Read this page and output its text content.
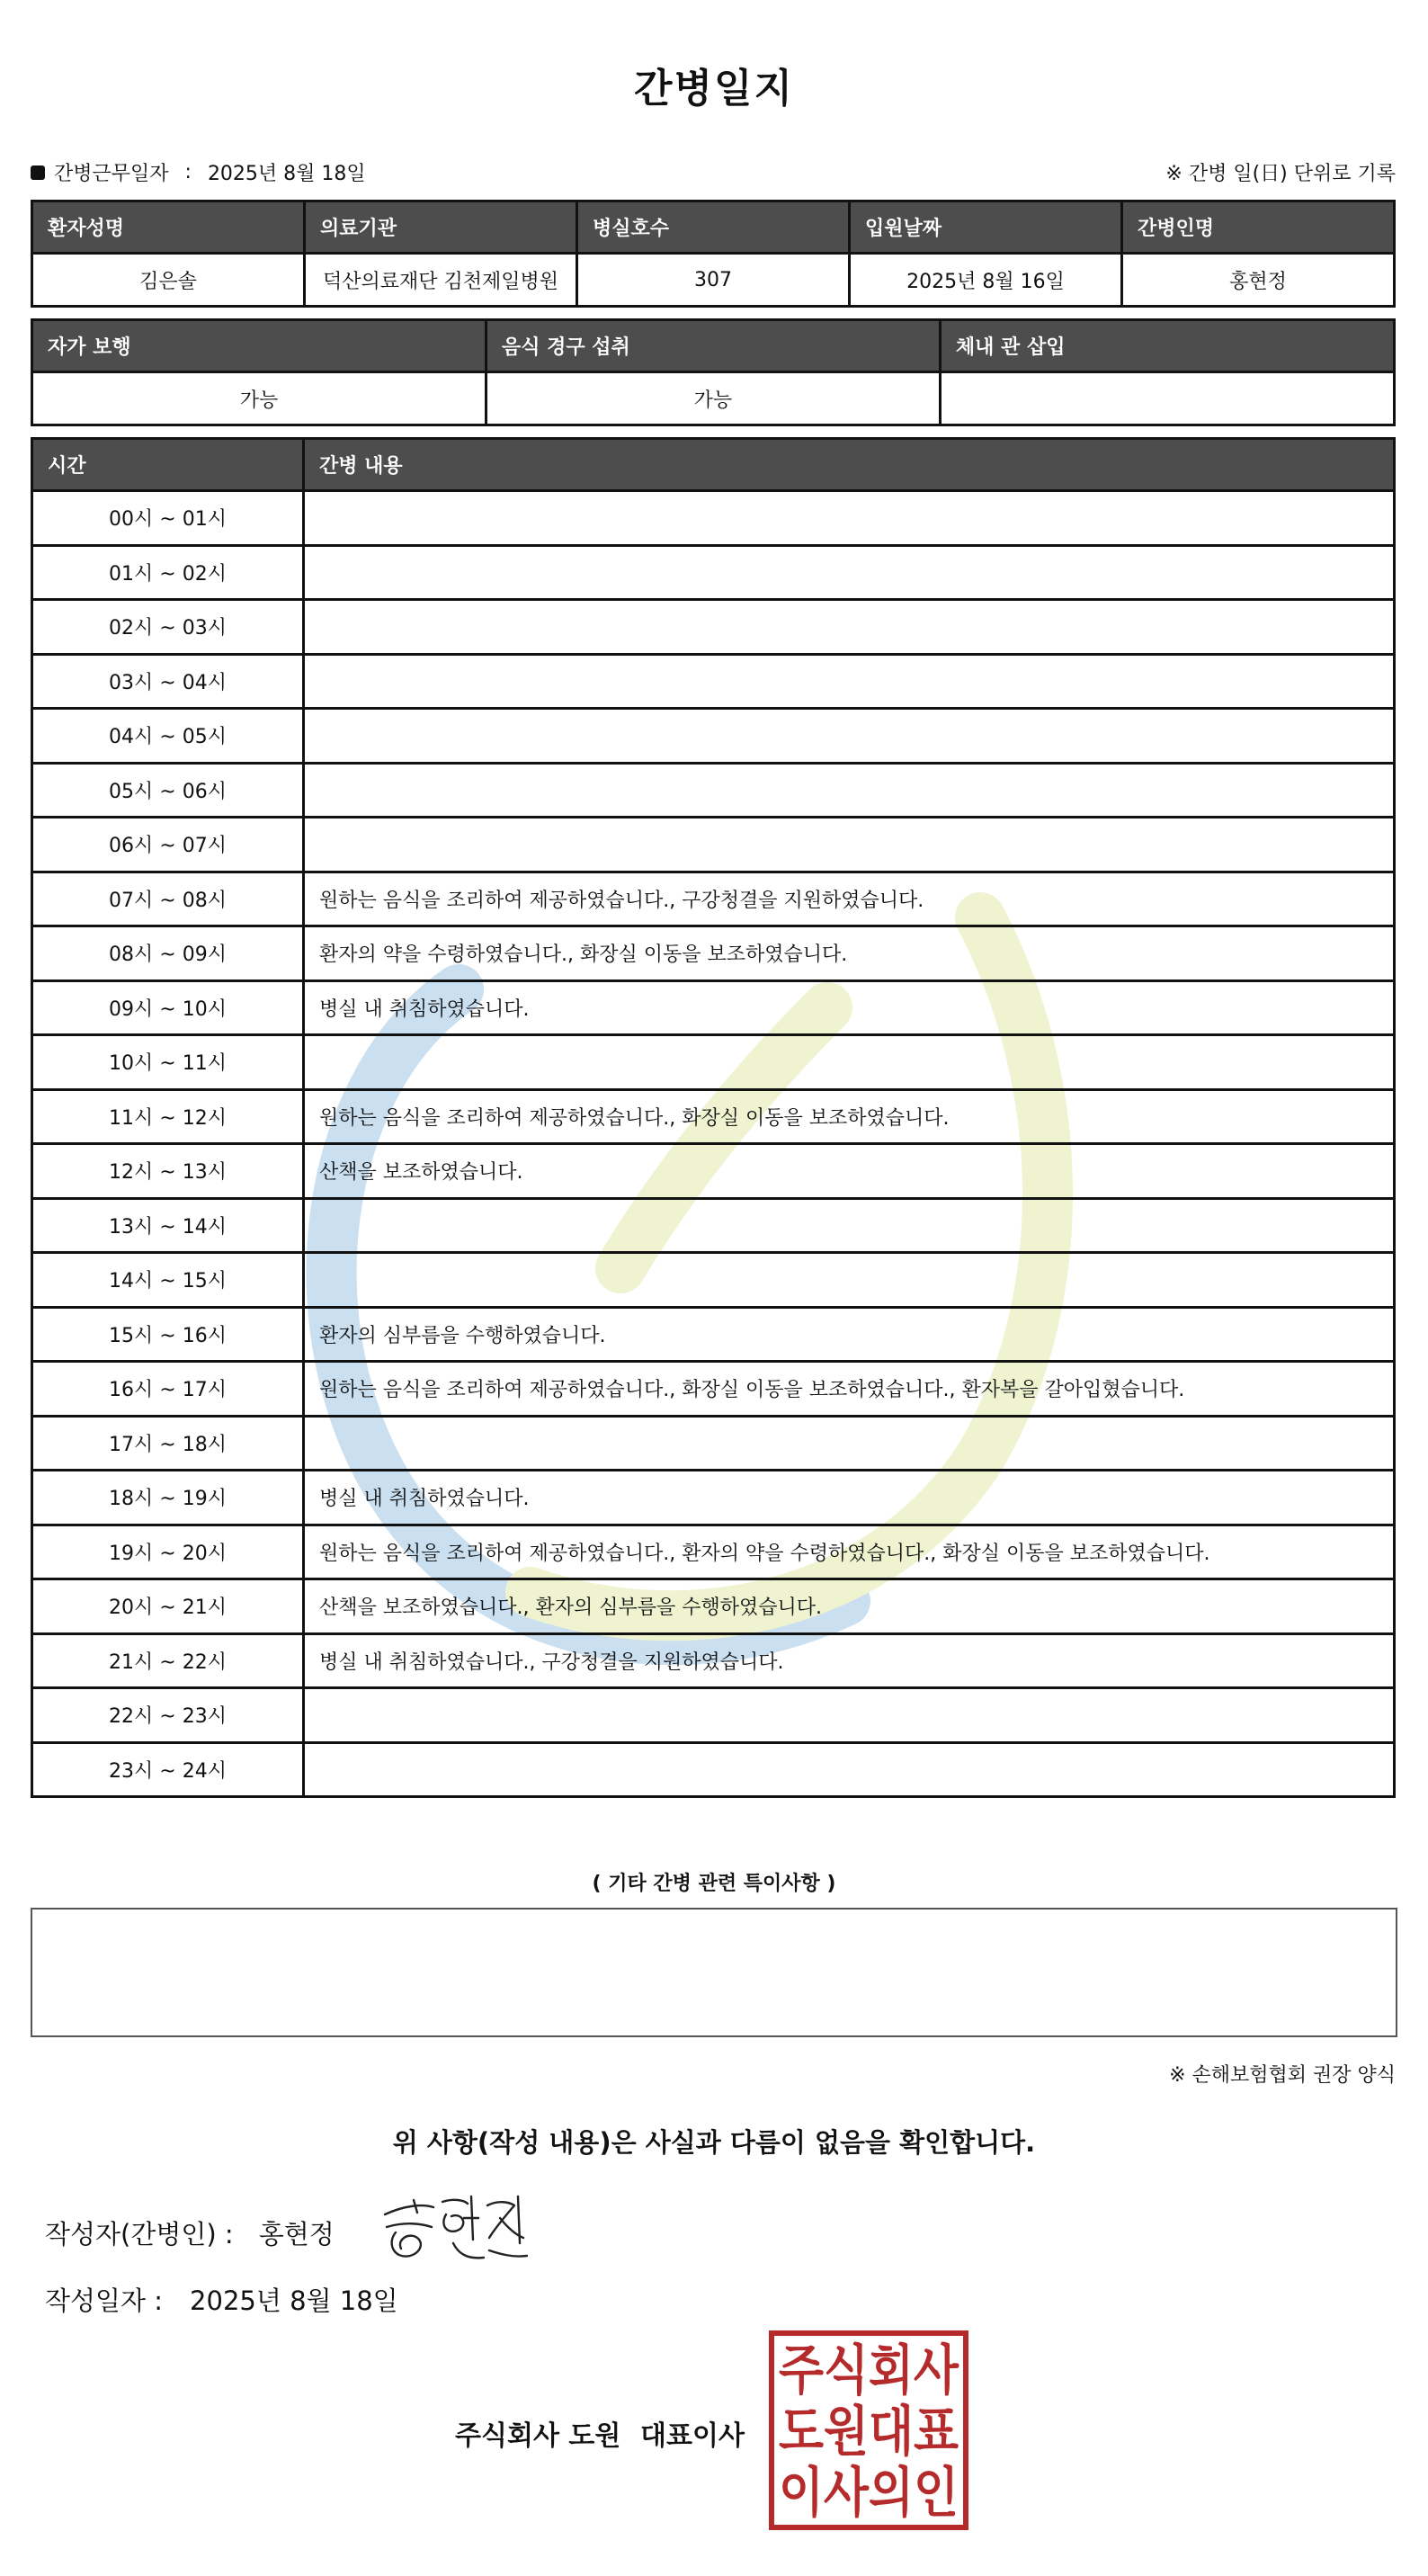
간병일지
간병근무일자 : 2025년 8월 18일	※ 간병 일(日) 단위로 기록
환자성명	의료기관	병실호수	입원날짜	간병인명
김은솔	덕산의료재단 김천제일병원	307	2025년 8월 16일	홍현정
자가 보행	음식 경구 섭취	체내 관 삽입
가능	가능	
시간	간병 내용
00시 ~ 01시	
01시 ~ 02시	
02시 ~ 03시	
03시 ~ 04시	
04시 ~ 05시	
05시 ~ 06시	
06시 ~ 07시	
07시 ~ 08시	원하는 음식을 조리하여 제공하였습니다., 구강청결을 지원하였습니다.
08시 ~ 09시	환자의 약을 수령하였습니다., 화장실 이동을 보조하였습니다.
09시 ~ 10시	병실 내 취침하였습니다.
10시 ~ 11시	
11시 ~ 12시	원하는 음식을 조리하여 제공하였습니다., 화장실 이동을 보조하였습니다.
12시 ~ 13시	산책을 보조하였습니다.
13시 ~ 14시	
14시 ~ 15시	
15시 ~ 16시	환자의 심부름을 수행하였습니다.
16시 ~ 17시	원하는 음식을 조리하여 제공하였습니다., 화장실 이동을 보조하였습니다., 환자복을 갈아입혔습니다.
17시 ~ 18시	
18시 ~ 19시	병실 내 취침하였습니다.
19시 ~ 20시	원하는 음식을 조리하여 제공하였습니다., 환자의 약을 수령하였습니다., 화장실 이동을 보조하였습니다.
20시 ~ 21시	산책을 보조하였습니다., 환자의 심부름을 수행하였습니다.
21시 ~ 22시	병실 내 취침하였습니다., 구강청결을 지원하였습니다.
22시 ~ 23시	
23시 ~ 24시	
( 기타 간병 관련 특이사항 )
※ 손해보험협회 권장 양식
위 사항(작성 내용)은 사실과 다름이 없음을 확인합니다.
작성자(간병인) : 홍현정
작성일자 : 2025년 8월 18일
주식회사 도원 대표이사
주식회사
도원대표
이사의인
